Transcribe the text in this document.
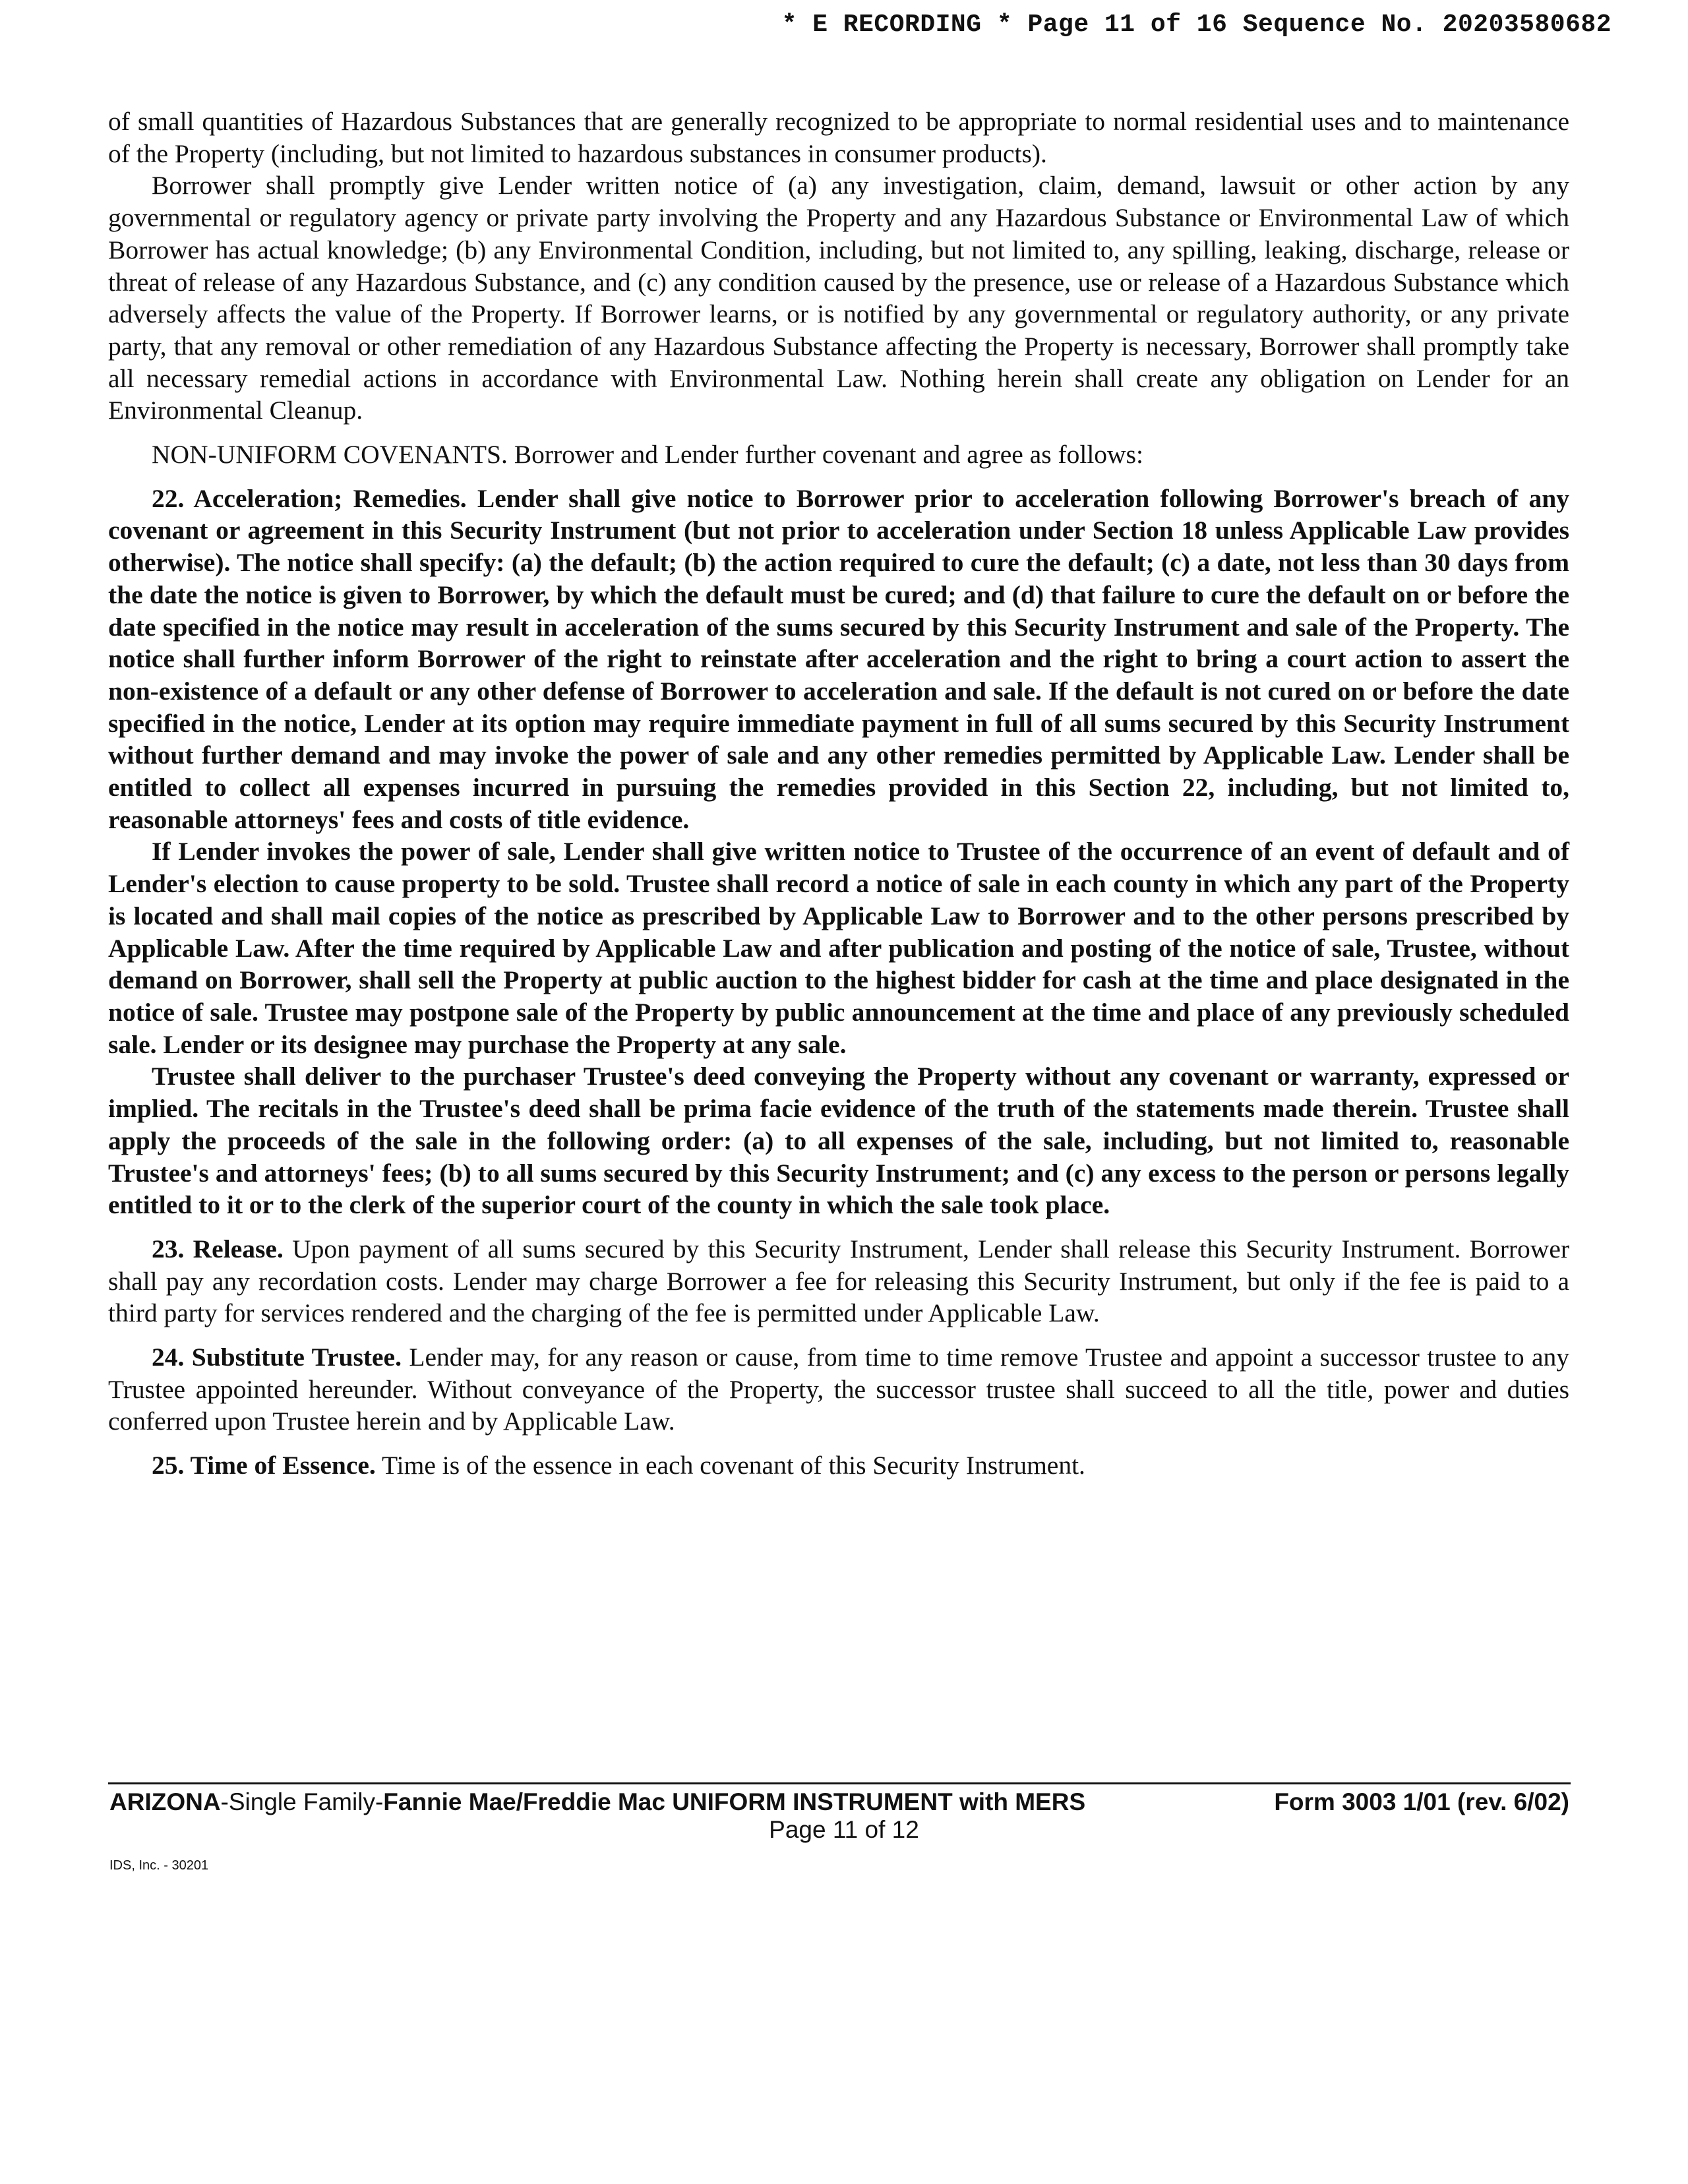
* E RECORDING * Page 11 of 16 Sequence No. 20203580682

of small quantities of Hazardous Substances that are generally recognized to be appropriate to normal residential uses and to maintenance of the Property (including, but not limited to hazardous substances in consumer products).

Borrower shall promptly give Lender written notice of (a) any investigation, claim, demand, lawsuit or other action by any governmental or regulatory agency or private party involving the Property and any Hazardous Substance or Environmental Law of which Borrower has actual knowledge; (b) any Environmental Condition, including, but not limited to, any spilling, leaking, discharge, release or threat of release of any Hazardous Substance, and (c) any condition caused by the presence, use or release of a Hazardous Substance which adversely affects the value of the Property. If Borrower learns, or is notified by any governmental or regulatory authority, or any private party, that any removal or other remediation of any Hazardous Substance affecting the Property is necessary, Borrower shall promptly take all necessary remedial actions in accordance with Environmental Law. Nothing herein shall create any obligation on Lender for an Environmental Cleanup.

NON-UNIFORM COVENANTS. Borrower and Lender further covenant and agree as follows:

22. Acceleration; Remedies. Lender shall give notice to Borrower prior to acceleration following Borrower's breach of any covenant or agreement in this Security Instrument (but not prior to acceleration under Section 18 unless Applicable Law provides otherwise). The notice shall specify: (a) the default; (b) the action required to cure the default; (c) a date, not less than 30 days from the date the notice is given to Borrower, by which the default must be cured; and (d) that failure to cure the default on or before the date specified in the notice may result in acceleration of the sums secured by this Security Instrument and sale of the Property. The notice shall further inform Borrower of the right to reinstate after acceleration and the right to bring a court action to assert the non-existence of a default or any other defense of Borrower to acceleration and sale. If the default is not cured on or before the date specified in the notice, Lender at its option may require immediate payment in full of all sums secured by this Security Instrument without further demand and may invoke the power of sale and any other remedies permitted by Applicable Law. Lender shall be entitled to collect all expenses incurred in pursuing the remedies provided in this Section 22, including, but not limited to, reasonable attorneys' fees and costs of title evidence.

If Lender invokes the power of sale, Lender shall give written notice to Trustee of the occurrence of an event of default and of Lender's election to cause property to be sold. Trustee shall record a notice of sale in each county in which any part of the Property is located and shall mail copies of the notice as prescribed by Applicable Law to Borrower and to the other persons prescribed by Applicable Law. After the time required by Applicable Law and after publication and posting of the notice of sale, Trustee, without demand on Borrower, shall sell the Property at public auction to the highest bidder for cash at the time and place designated in the notice of sale. Trustee may postpone sale of the Property by public announcement at the time and place of any previously scheduled sale. Lender or its designee may purchase the Property at any sale.

Trustee shall deliver to the purchaser Trustee's deed conveying the Property without any covenant or warranty, expressed or implied. The recitals in the Trustee's deed shall be prima facie evidence of the truth of the statements made therein. Trustee shall apply the proceeds of the sale in the following order: (a) to all expenses of the sale, including, but not limited to, reasonable Trustee's and attorneys' fees; (b) to all sums secured by this Security Instrument; and (c) any excess to the person or persons legally entitled to it or to the clerk of the superior court of the county in which the sale took place.

23. Release. Upon payment of all sums secured by this Security Instrument, Lender shall release this Security Instrument. Borrower shall pay any recordation costs. Lender may charge Borrower a fee for releasing this Security Instrument, but only if the fee is paid to a third party for services rendered and the charging of the fee is permitted under Applicable Law.

24. Substitute Trustee. Lender may, for any reason or cause, from time to time remove Trustee and appoint a successor trustee to any Trustee appointed hereunder. Without conveyance of the Property, the successor trustee shall succeed to all the title, power and duties conferred upon Trustee herein and by Applicable Law.

25. Time of Essence. Time is of the essence in each covenant of this Security Instrument.

ARIZONA-Single Family-Fannie Mae/Freddie Mac UNIFORM INSTRUMENT with MERS	Form 3003 1/01 (rev. 6/02)
Page 11 of 12
IDS, Inc. - 30201
